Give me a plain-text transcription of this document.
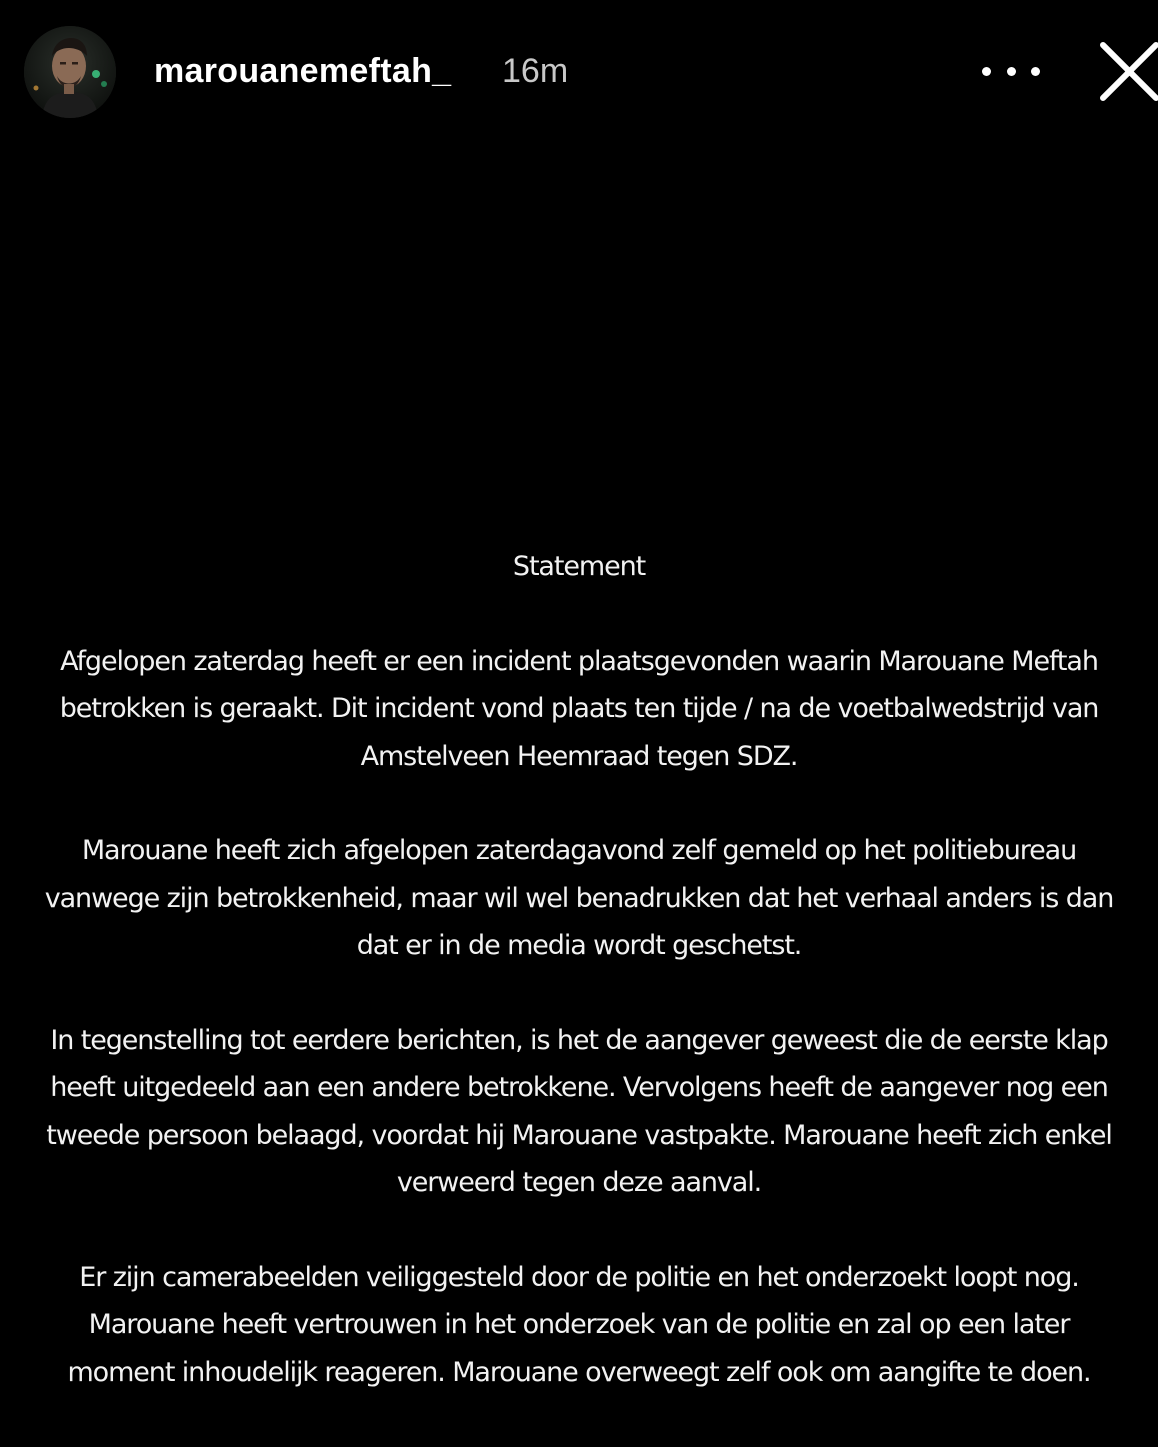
marouanemeftah_ 16m

Statement

Afgelopen zaterdag heeft er een incident plaatsgevonden waarin Marouane Meftah betrokken is geraakt. Dit incident vond plaats ten tijde / na de voetbalwedstrijd van Amstelveen Heemraad tegen SDZ.

Marouane heeft zich afgelopen zaterdagavond zelf gemeld op het politiebureau vanwege zijn betrokkenheid, maar wil wel benadrukken dat het verhaal anders is dan dat er in de media wordt geschetst.

In tegenstelling tot eerdere berichten, is het de aangever geweest die de eerste klap heeft uitgedeeld aan een andere betrokkene. Vervolgens heeft de aangever nog een tweede persoon belaagd, voordat hij Marouane vastpakte. Marouane heeft zich enkel verweerd tegen deze aanval.

Er zijn camerabeelden veiliggesteld door de politie en het onderzoekt loopt nog. Marouane heeft vertrouwen in het onderzoek van de politie en zal op een later moment inhoudelijk reageren. Marouane overweegt zelf ook om aangifte te doen.
